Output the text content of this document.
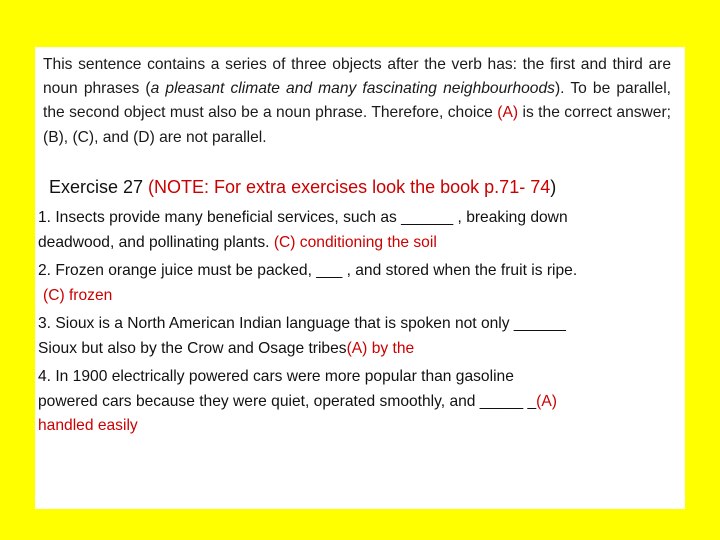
This sentence contains a series of three objects after the verb has: the first and third are noun phrases (a pleasant climate and many fascinating neighbourhoods). To be parallel, the second object must also be a noun phrase. Therefore, choice (A) is the correct answer; (B), (C), and (D) are not parallel.
Exercise 27 (NOTE: For extra exercises look the book p.71- 74)
1. Insects provide many beneficial services, such as ______ , breaking down
deadwood, and pollinating plants. (C) conditioning the soil
2. Frozen orange juice must be packed, ___ , and stored when the fruit is ripe.
(C) frozen
3. Sioux is a North American Indian language that is spoken not only ______
Sioux but also by the Crow and Osage tribes(A) by the
4. In 1900 electrically powered cars were more popular than gasoline
powered cars because they were quiet, operated smoothly, and _____ _(A)
handled easily
